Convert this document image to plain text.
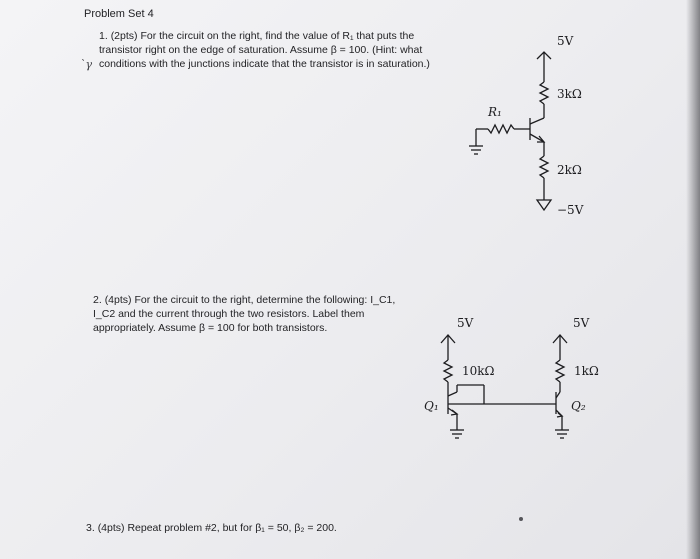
Problem Set 4
`γ
1. (2pts) For the circuit on the right, find the value of R₁ that puts the transistor right on the edge of saturation. Assume β = 100. (Hint: what conditions with the junctions indicate that the transistor is in saturation.)
2. (4pts) For the circuit to the right, determine the following: I_C1, I_C2 and the current through the two resistors. Label them appropriately. Assume β = 100 for both transistors.
3. (4pts) Repeat problem #2, but for β₁ = 50, β₂ = 200.
5V
3kΩ
R₁
2kΩ
−5V
5V
10kΩ
Q₁
5V
1kΩ
Q₂
